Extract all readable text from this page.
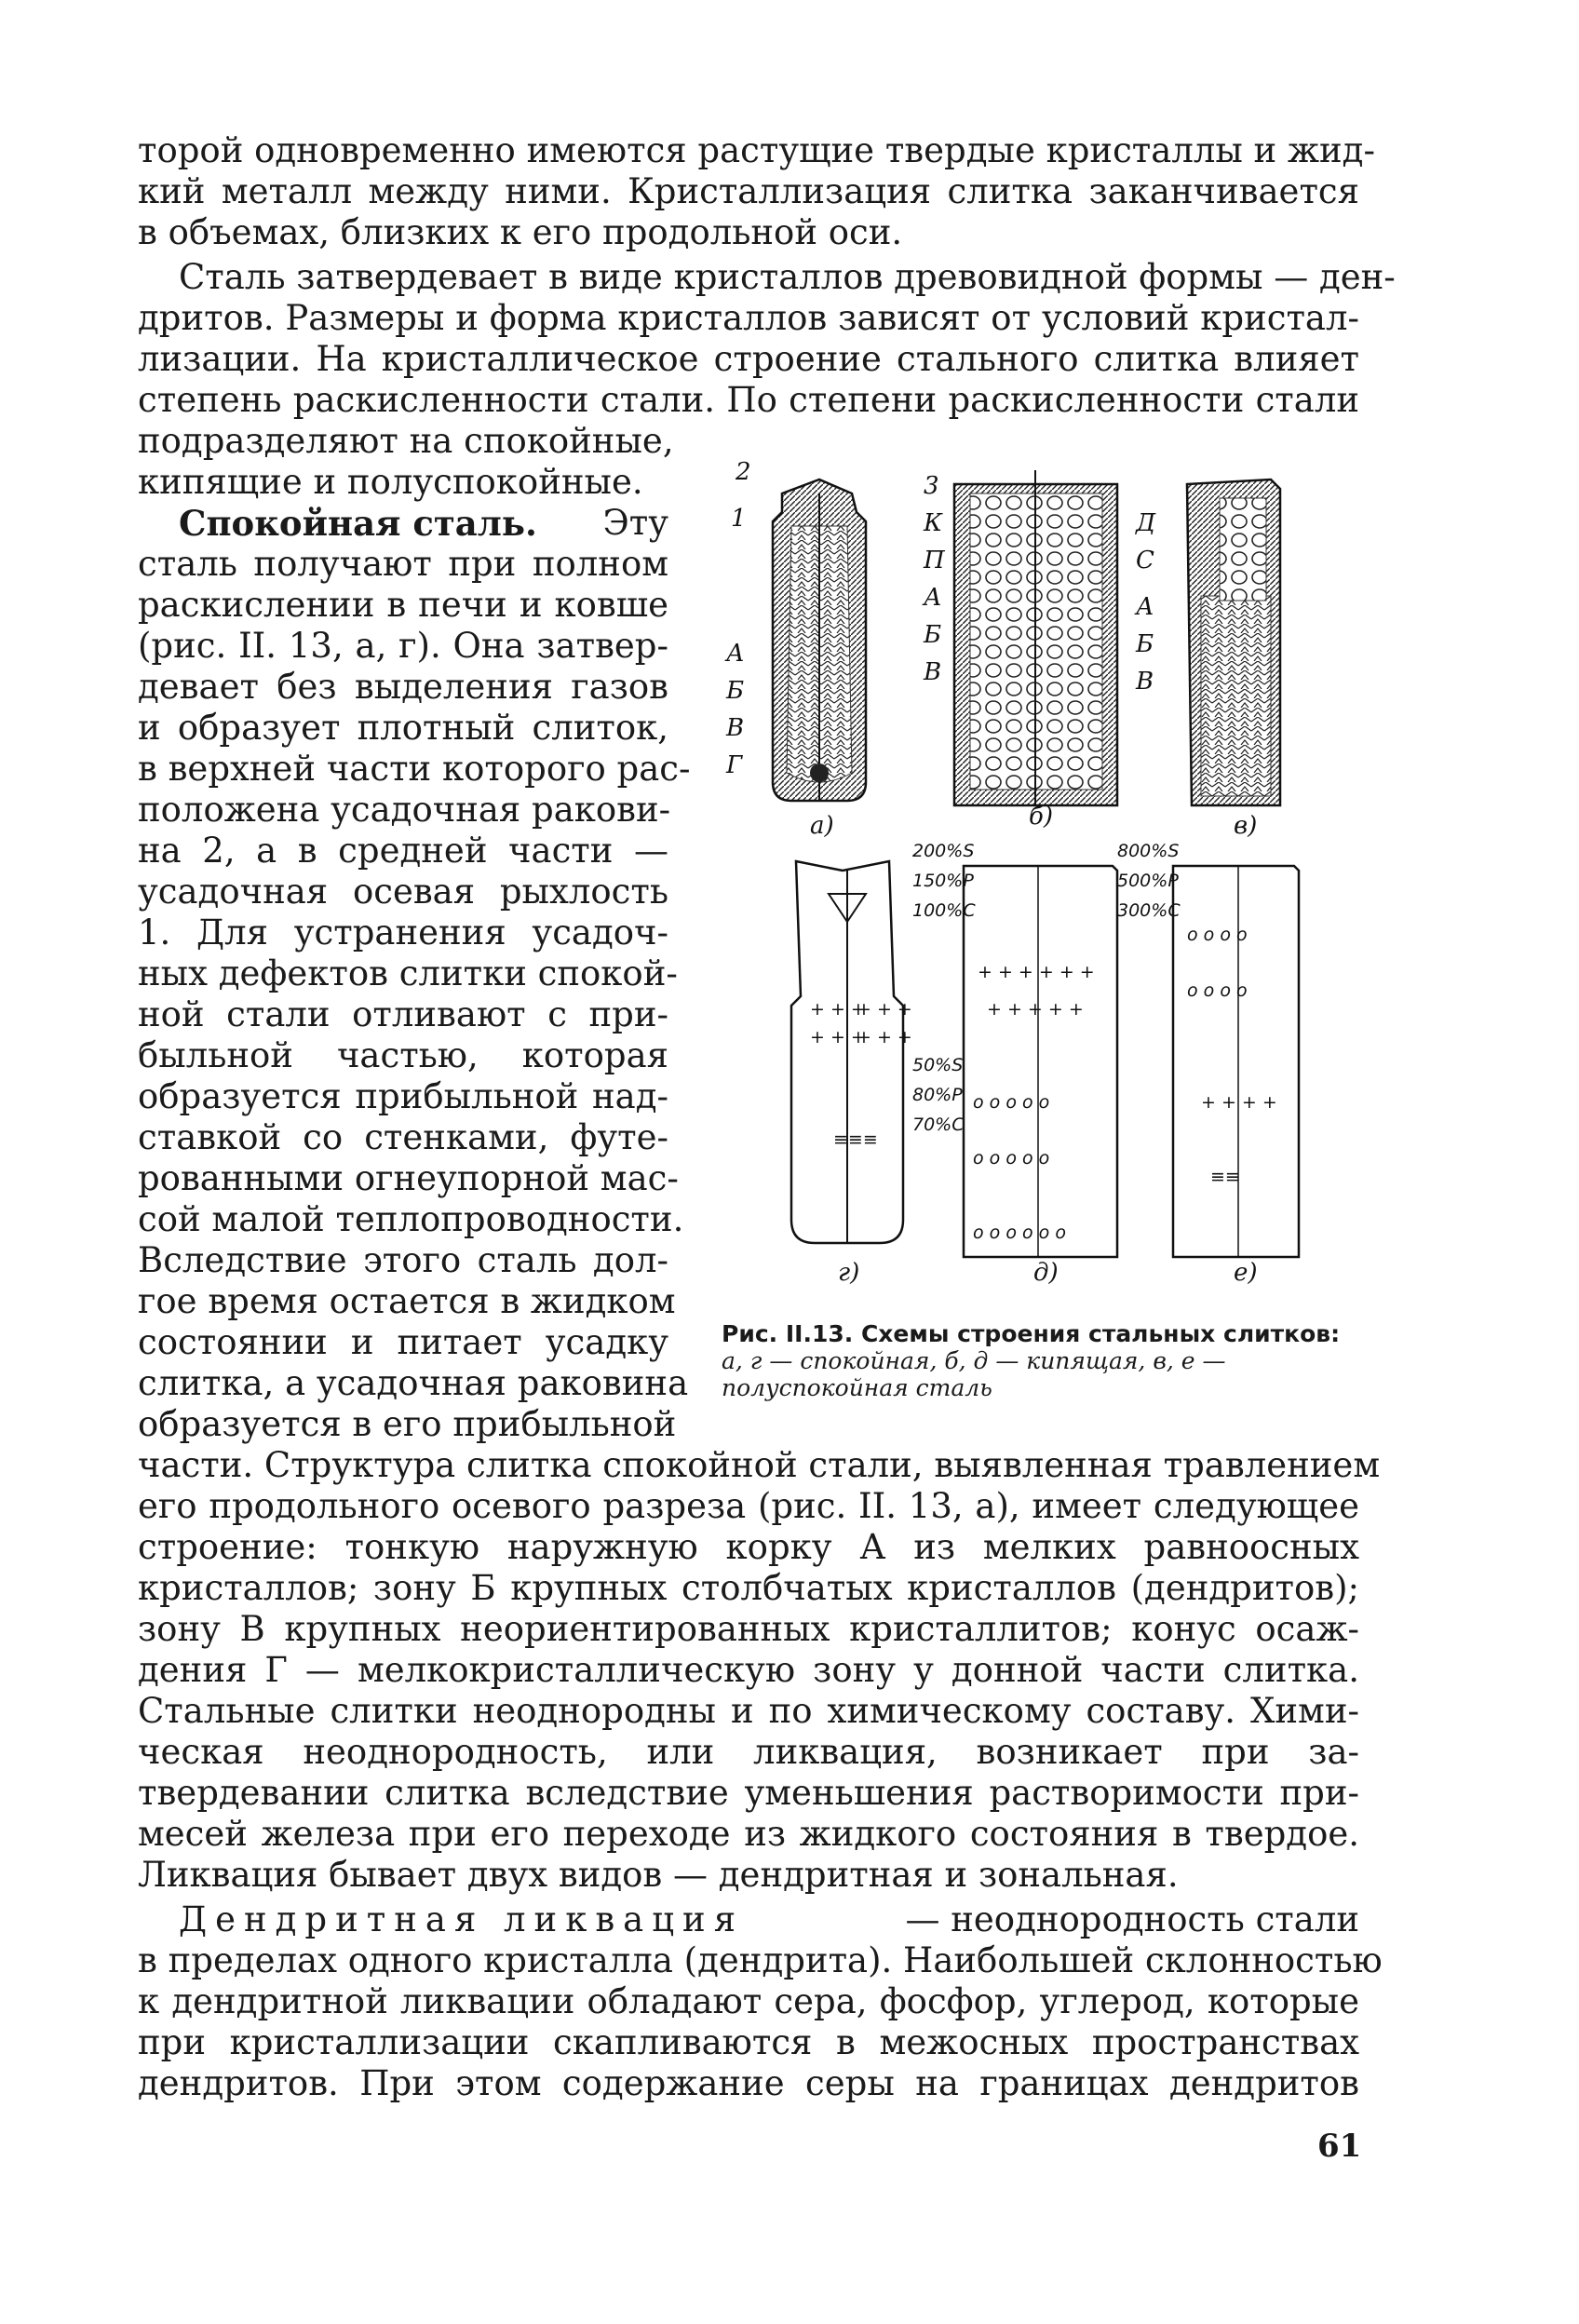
торой одновременно имеются растущие твердые кристаллы и жид-
кий металл между ними. Кристаллизация слитка заканчивается
в объемах, близких к его продольной оси.
Сталь затвердевает в виде кристаллов древовидной формы — ден-
дритов. Размеры и форма кристаллов зависят от условий кристал-
лизации. На кристаллическое строение стального слитка влияет
степень раскисленности стали. По степени раскисленности стали
подразделяют на спокойные,
кипящие и полуспокойные.
Спокойная сталь. Эту
сталь получают при полном
раскислении в печи и ковше
(рис. II. 13, а, г). Она затвер-
девает без выделения газов
и образует плотный слиток,
в верхней части которого рас-
положена усадочная ракови-
на 2, а в средней части —
усадочная осевая рыхлость
1. Для устранения усадоч-
ных дефектов слитки спокой-
ной стали отливают с при-
быльной частью, которая
образуется прибыльной над-
ставкой со стенками, футе-
рованными огнеупорной мас-
сой малой теплопроводности.
Вследствие этого сталь дол-
гое время остается в жидком
состоянии и питает усадку
слитка, а усадочная раковина
образуется в его прибыльной
части. Структура слитка спокойной стали, выявленная травлением
его продольного осевого разреза (рис. II. 13, а), имеет следующее
строение: тонкую наружную корку А из мелких равноосных
кристаллов; зону Б крупных столбчатых кристаллов (дендритов);
зону В крупных неориентированных кристаллитов; конус осаж-
дения Г — мелкокристаллическую зону у донной части слитка.
Стальные слитки неоднородны и по химическому составу. Хими-
ческая неоднородность, или ликвация, возникает при за-
твердевании слитка вследствие уменьшения растворимости при-
месей железа при его переходе из жидкого состояния в твердое.
Ликвация бывает двух видов — дендритная и зональная.
Дендритная ликвация	— неоднородность стали
в пределах одного кристалла (дендрита). Наибольшей склонностью
к дендритной ликвации обладают сера, фосфор, углерод, которые
при кристаллизации скапливаются в межосных пространствах
дендритов. При этом содержание серы на границах дендритов
+ + +
+ + +
+ + +
+ + +
≡≡≡
+ + + + + +
+ + + + +
o o o o o
o o o o o
o o o o o o
o o o o
o o o o
+ + + +
≡≡
а)	б)	в)
г)	д)	е)
2
1
А
Б
В
Г
3
К
П
А
Б
В
Д
С
А
Б
В
200%S
150%P
100%C
800%S
500%P
300%C
50%S
80%P
70%C
Рис. II.13. Схемы строения стальных слитков:
а, г — спокойная, б, д — кипящая, в, е — полуспокойная сталь
61
